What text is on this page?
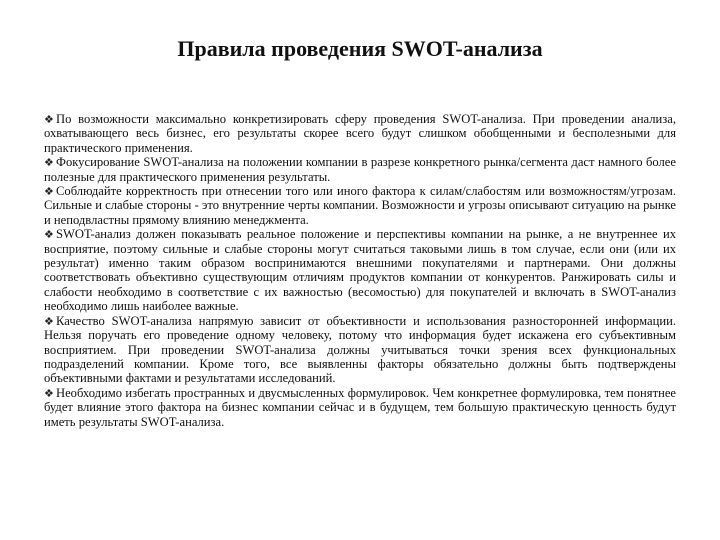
Правила проведения SWOT-анализа
❖ По возможности максимально конкретизировать сферу проведения SWOT-анализа. При проведении анализа, охватывающего весь бизнес, его результаты скорее всего будут слишком обобщенными и бесполезными для практического применения.
❖ Фокусирование SWOT-анализа на положении компании в разрезе конкретного рынка/сегмента даст намного более полезные для практического применения результаты.
❖ Соблюдайте корректность при отнесении того или иного фактора к силам/слабостям или возможностям/угрозам. Сильные и слабые стороны - это внутренние черты компании. Возможности и угрозы описывают ситуацию на рынке и неподвластны прямому влиянию менеджмента.
❖ SWOT-анализ должен показывать реальное положение и перспективы компании на рынке, а не внутреннее их восприятие, поэтому сильные и слабые стороны могут считаться таковыми лишь в том случае, если они (или их результат) именно таким образом воспринимаются внешними покупателями и партнерами. Они должны соответствовать объективно существующим отличиям продуктов компании от конкурентов. Ранжировать силы и слабости необходимо в соответствие с их важностью (весомостью) для покупателей и включать в SWOT-анализ необходимо лишь наиболее важные.
❖ Качество SWOT-анализа напрямую зависит от объективности и использования разносторонней информации. Нельзя поручать его проведение одному человеку, потому что информация будет искажена его субъективным восприятием. При проведении SWOT-анализа должны учитываться точки зрения всех функциональных подразделений компании. Кроме того, все выявленны факторы обязательно должны быть подтверждены объективными фактами и результатами исследований.
❖ Необходимо избегать пространных и двусмысленных формулировок. Чем конкретнее формулировка, тем понятнее будет влияние этого фактора на бизнес компании сейчас и в будущем, тем большую практическую ценность будут иметь результаты SWOT-анализа.
